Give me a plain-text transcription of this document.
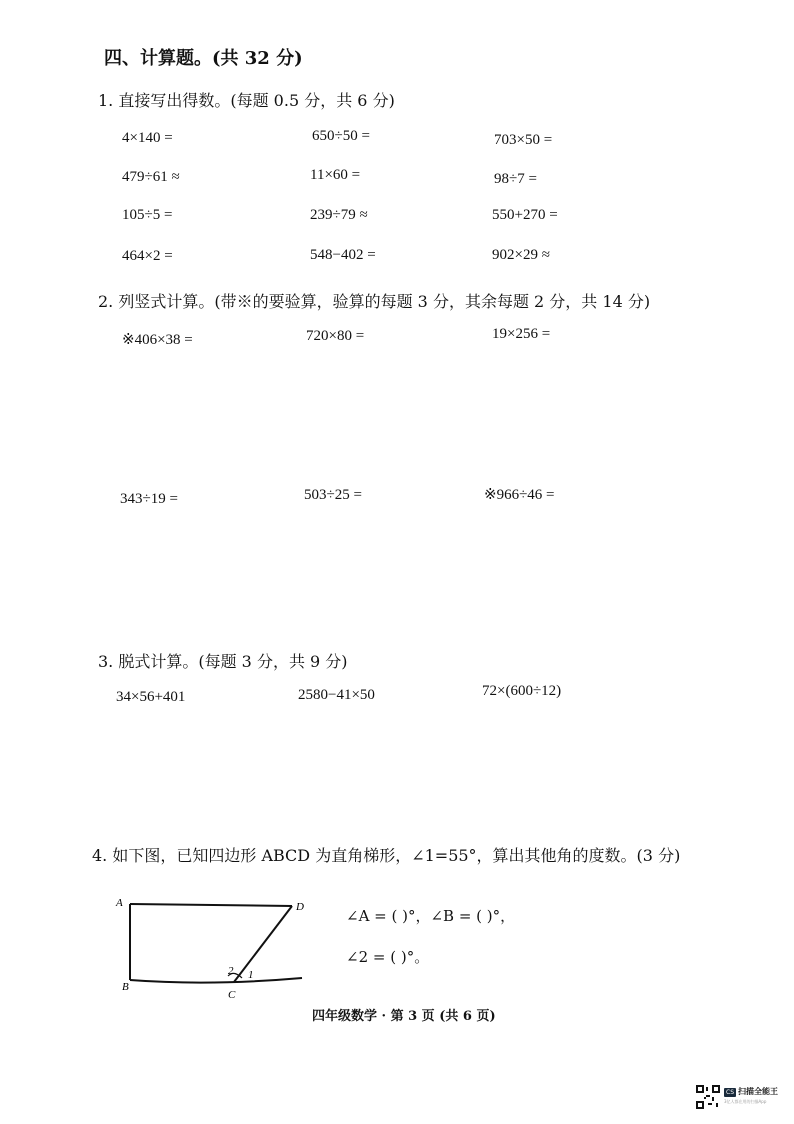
四、计算题。(共 32 分)
1. 直接写出得数。(每题 0.5 分，共 6 分)
4×140 =	650÷50 =	703×50 =
479÷61 ≈	11×60 =	98÷7 =
105÷5 =	239÷79 ≈	550+270 =
464×2 =	548−402 =	902×29 ≈
2. 列竖式计算。(带※的要验算，验算的每题 3 分，其余每题 2 分，共 14 分)
※406×38 =	720×80 =	19×256 =
343÷19 =	503÷25 =	※966÷46 =
3. 脱式计算。(每题 3 分，共 9 分)
34×56+401	2580−41×50	72×(600÷12)
4. 如下图，已知四边形 ABCD 为直角梯形，∠1=55°，算出其他角的度数。(3 分)
A	D
B
C
2 1
∠A = ( )°，∠B = ( )°，
∠2 = ( )°。
四年级数学 · 第 3 页 (共 6 页)
CS 扫描全能王
3亿人都在用的扫描App
